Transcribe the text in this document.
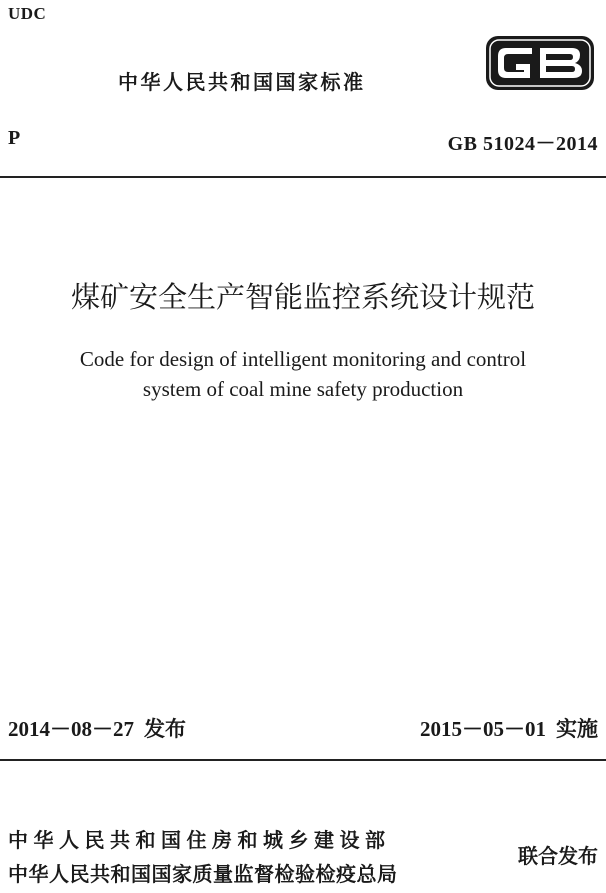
UDC
中华人民共和国国家标准
P	GB 51024－2014
煤矿安全生产智能监控系统设计规范
Code for design of intelligent monitoring and control
system of coal mine safety production
2014－08－27 发布	2015－05－01 实施
中华人民共和国住房和城乡建设部
中华人民共和国国家质量监督检验检疫总局
联合发布
